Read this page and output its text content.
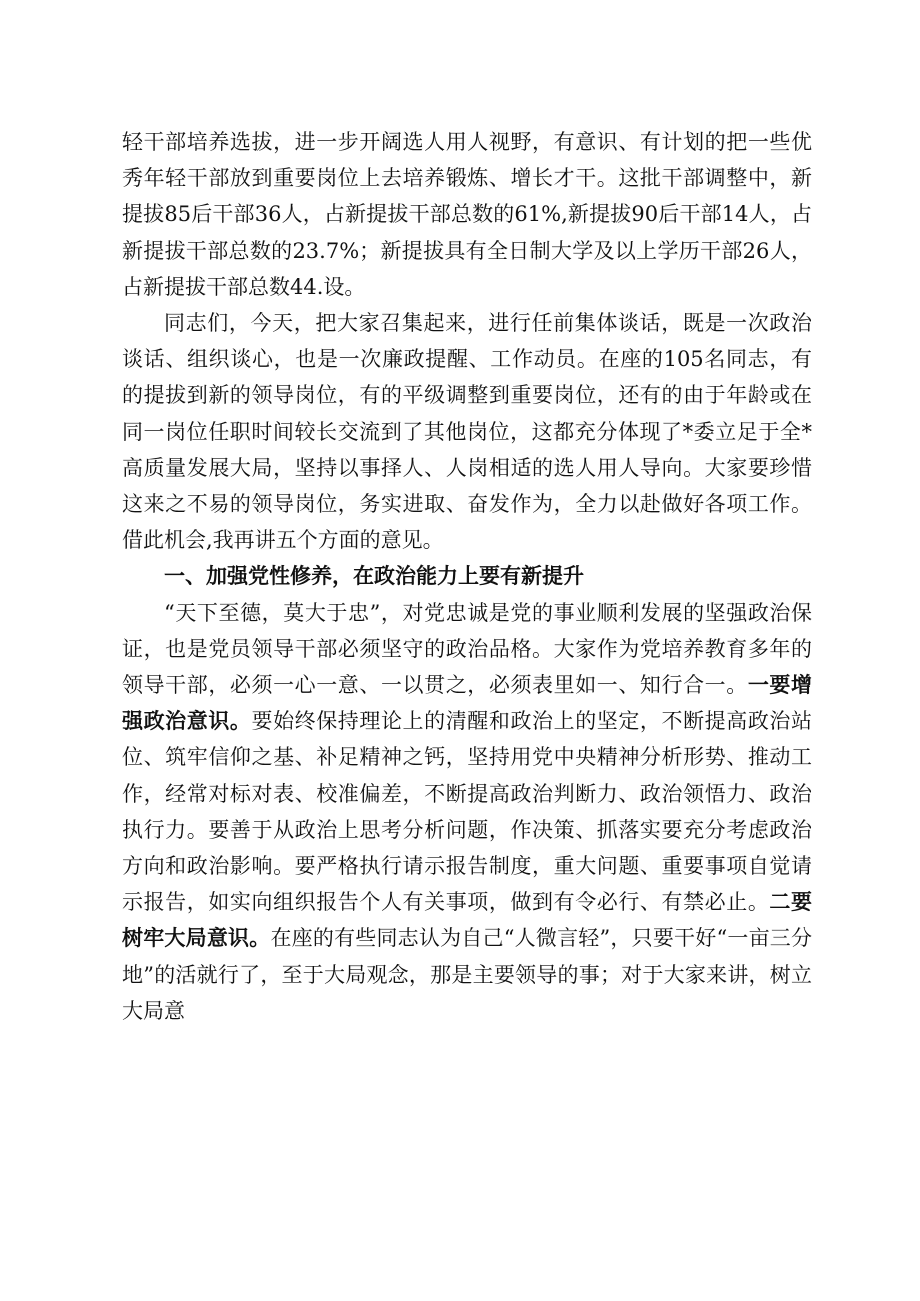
轻干部培养选拔，进一步开阔选人用人视野，有意识、有计划的把一些优秀年轻干部放到重要岗位上去培养锻炼、增长才干。这批干部调整中，新提拔85后干部36人，占新提拔干部总数的61%,新提拔90后干部14人，占新提拔干部总数的23.7%；新提拔具有全日制大学及以上学历干部26人，占新提拔干部总数44.设。

同志们，今天，把大家召集起来，进行任前集体谈话，既是一次政治谈话、组织谈心，也是一次廉政提醒、工作动员。在座的105名同志，有的提拔到新的领导岗位，有的平级调整到重要岗位，还有的由于年龄或在同一岗位任职时间较长交流到了其他岗位，这都充分体现了*委立足于全*高质量发展大局，坚持以事择人、人岗相适的选人用人导向。大家要珍惜这来之不易的领导岗位，务实进取、奋发作为，全力以赴做好各项工作。借此机会,我再讲五个方面的意见。

一、加强党性修养，在政治能力上要有新提升

“天下至德，莫大于忠”，对党忠诚是党的事业顺利发展的坚强政治保证，也是党员领导干部必须坚守的政治品格。大家作为党培养教育多年的领导干部，必须一心一意、一以贯之，必须表里如一、知行合一。一要增强政治意识。要始终保持理论上的清醒和政治上的坚定，不断提高政治站位、筑牢信仰之基、补足精神之钙，坚持用党中央精神分析形势、推动工作，经常对标对表、校准偏差，不断提高政治判断力、政治领悟力、政治执行力。要善于从政治上思考分析问题，作决策、抓落实要充分考虑政治方向和政治影响。要严格执行请示报告制度，重大问题、重要事项自觉请示报告，如实向组织报告个人有关事项，做到有令必行、有禁必止。二要树牢大局意识。在座的有些同志认为自己“人微言轻”，只要干好“一亩三分地”的活就行了，至于大局观念，那是主要领导的事；对于大家来讲，树立大局意
